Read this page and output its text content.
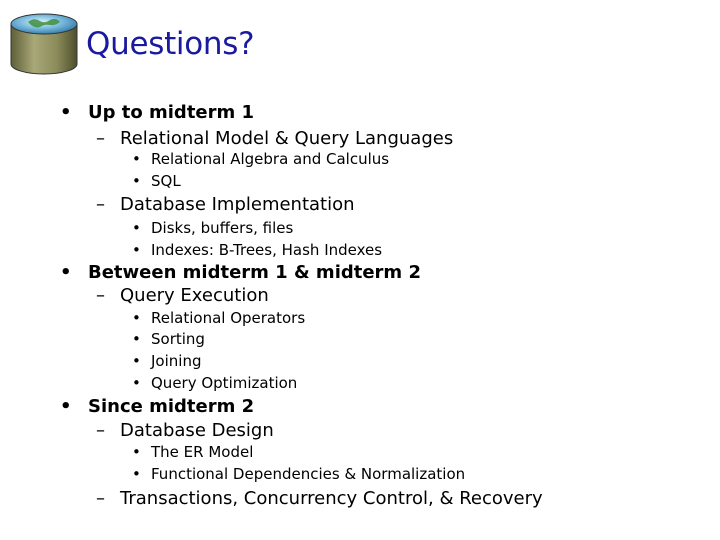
Questions?
• Up to midterm 1
– Relational Model & Query Languages
• Relational Algebra and Calculus
• SQL
– Database Implementation
• Disks, buffers, files
• Indexes: B-Trees, Hash Indexes
• Between midterm 1 & midterm 2
– Query Execution
• Relational Operators
• Sorting
• Joining
• Query Optimization
• Since midterm 2
– Database Design
• The ER Model
• Functional Dependencies & Normalization
– Transactions, Concurrency Control, & Recovery
